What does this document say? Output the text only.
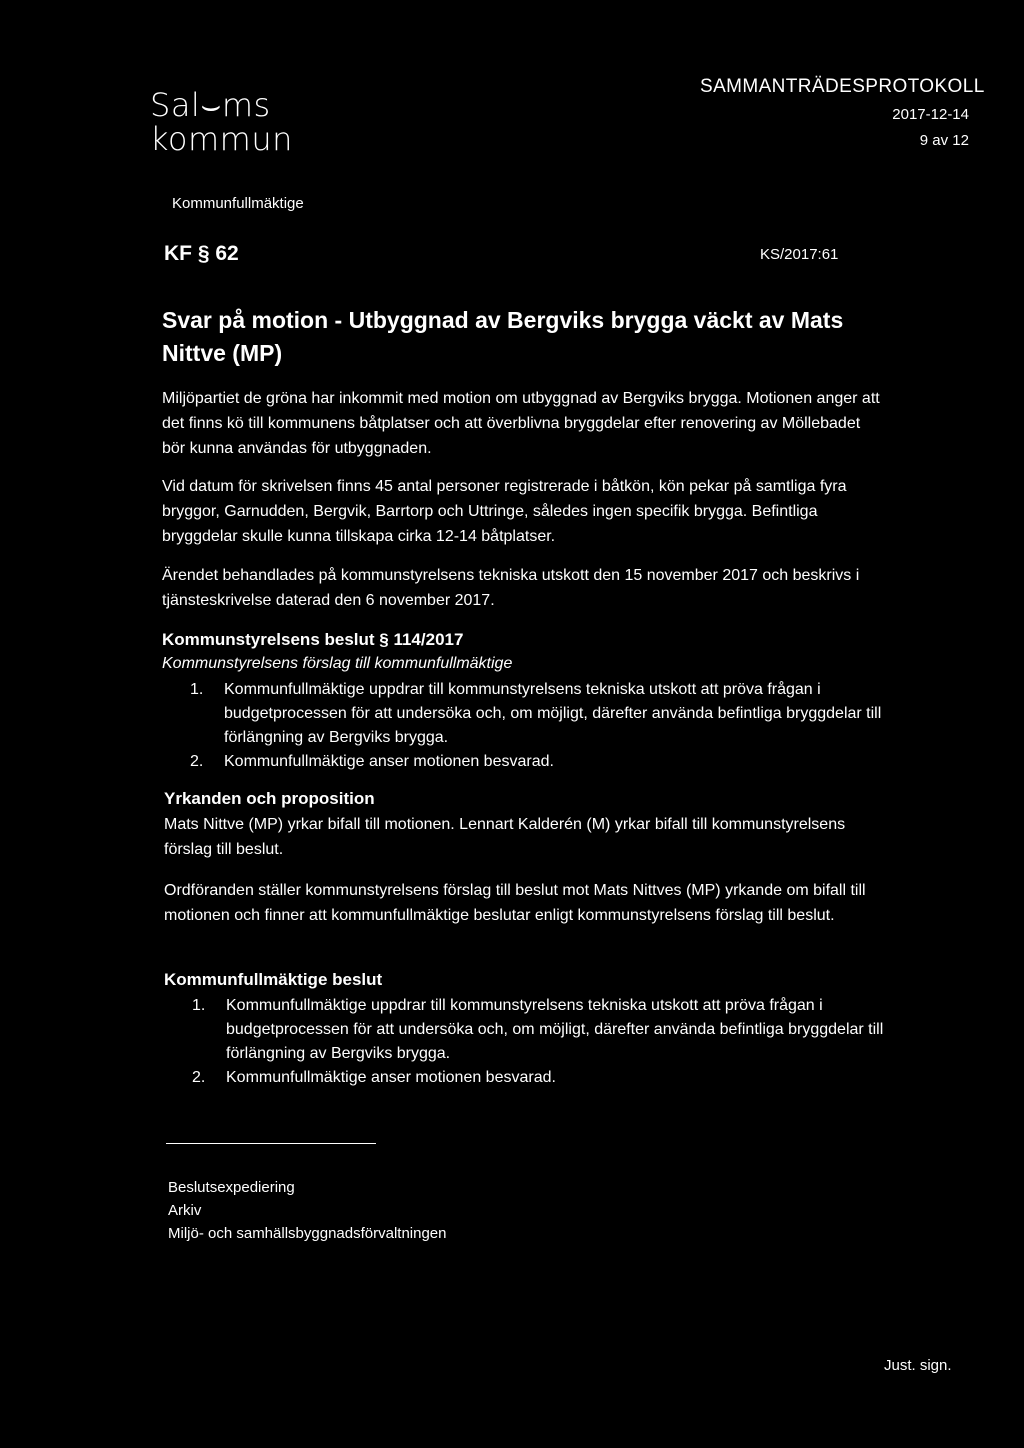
Sal⌣ms
kommun
SAMMANTRÄDESPROTOKOLL
2017-12-14
9 av 12
Kommunfullmäktige
KF § 62	KS/2017:61
Svar på motion - Utbyggnad av Bergviks brygga väckt av Mats Nittve (MP)
Miljöpartiet de gröna har inkommit med motion om utbyggnad av Bergviks brygga. Motionen anger att det finns kö till kommunens båtplatser och att överblivna bryggdelar efter renovering av Möllebadet bör kunna användas för utbyggnaden.
Vid datum för skrivelsen finns 45 antal personer registrerade i båtkön, kön pekar på samtliga fyra bryggor, Garnudden, Bergvik, Barrtorp och Uttringe, således ingen specifik brygga. Befintliga bryggdelar skulle kunna tillskapa cirka 12-14 båtplatser.
Ärendet behandlades på kommunstyrelsens tekniska utskott den 15 november 2017 och beskrivs i tjänsteskrivelse daterad den 6 november 2017.
Kommunstyrelsens beslut § 114/2017
Kommunstyrelsens förslag till kommunfullmäktige
1. Kommunfullmäktige uppdrar till kommunstyrelsens tekniska utskott att pröva frågan i budgetprocessen för att undersöka och, om möjligt, därefter använda befintliga bryggdelar till förlängning av Bergviks brygga.
2. Kommunfullmäktige anser motionen besvarad.
Yrkanden och proposition
Mats Nittve (MP) yrkar bifall till motionen. Lennart Kalderén (M) yrkar bifall till kommunstyrelsens förslag till beslut.
Ordföranden ställer kommunstyrelsens förslag till beslut mot Mats Nittves (MP) yrkande om bifall till motionen och finner att kommunfullmäktige beslutar enligt kommunstyrelsens förslag till beslut.
Kommunfullmäktige beslut
1. Kommunfullmäktige uppdrar till kommunstyrelsens tekniska utskott att pröva frågan i budgetprocessen för att undersöka och, om möjligt, därefter använda befintliga bryggdelar till förlängning av Bergviks brygga.
2. Kommunfullmäktige anser motionen besvarad.
Beslutsexpediering
Arkiv
Miljö- och samhällsbyggnadsförvaltningen
Just. sign.
